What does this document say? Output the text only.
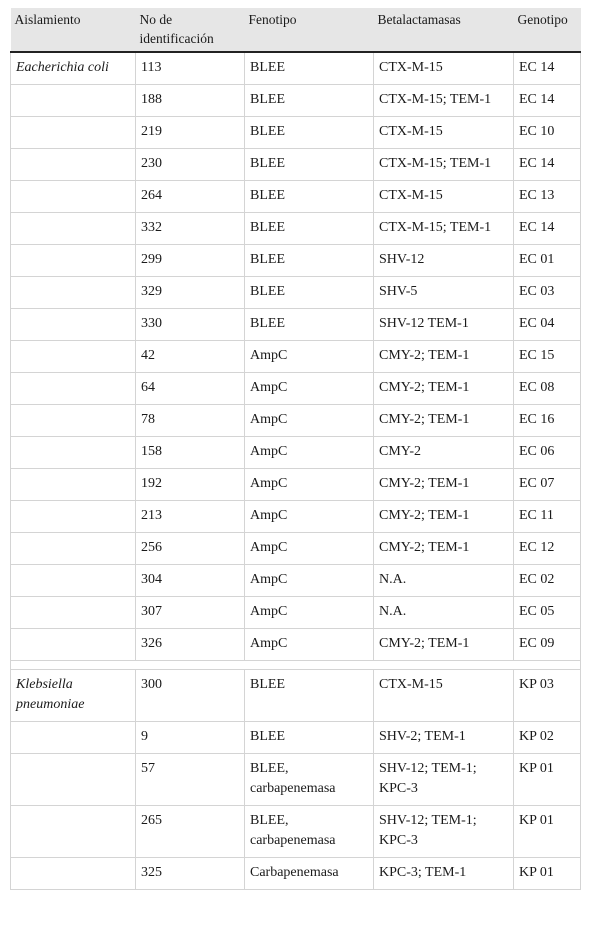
Aislamiento	No de identificación	Fenotipo	Betalactamasas	Genotipo
Eacherichia coli	113	BLEE	CTX-M-15	EC 14
	188	BLEE	CTX-M-15; TEM-1	EC 14
	219	BLEE	CTX-M-15	EC 10
	230	BLEE	CTX-M-15; TEM-1	EC 14
	264	BLEE	CTX-M-15	EC 13
	332	BLEE	CTX-M-15; TEM-1	EC 14
	299	BLEE	SHV-12	EC 01
	329	BLEE	SHV-5	EC 03
	330	BLEE	SHV-12 TEM-1	EC 04
	42	AmpC	CMY-2; TEM-1	EC 15
	64	AmpC	CMY-2; TEM-1	EC 08
	78	AmpC	CMY-2; TEM-1	EC 16
	158	AmpC	CMY-2	EC 06
	192	AmpC	CMY-2; TEM-1	EC 07
	213	AmpC	CMY-2; TEM-1	EC 11
	256	AmpC	CMY-2; TEM-1	EC 12
	304	AmpC	N.A.	EC 02
	307	AmpC	N.A.	EC 05
	326	AmpC	CMY-2; TEM-1	EC 09

Klebsiella pneumoniae	300	BLEE	CTX-M-15	KP 03
	9	BLEE	SHV-2; TEM-1	KP 02
	57	BLEE, carbapenemasa	SHV-12; TEM-1; KPC-3	KP 01
	265	BLEE, carbapenemasa	SHV-12; TEM-1; KPC-3	KP 01
	325	Carbapenemasa	KPC-3; TEM-1	KP 01
